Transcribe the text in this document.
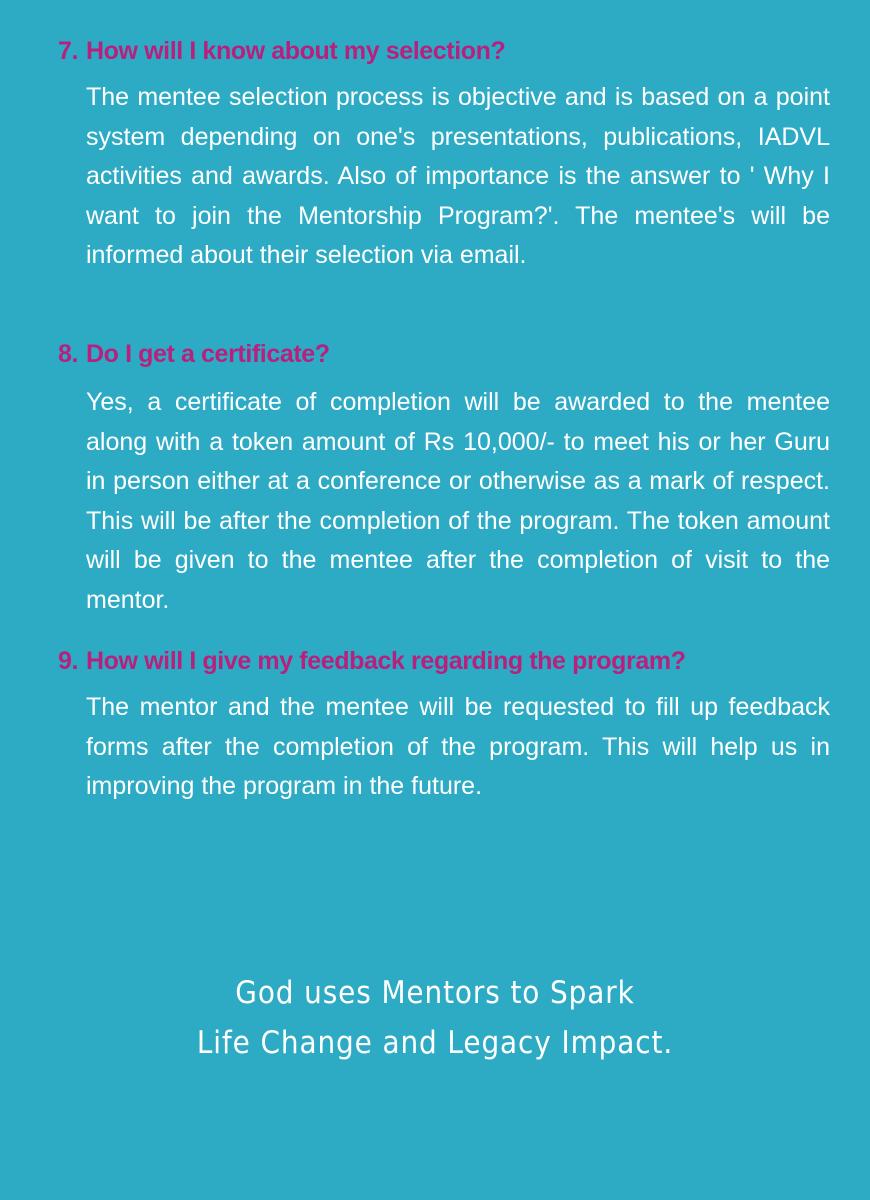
7. How will I know about my selection?

The mentee selection process is objective and is based on a point system depending on one's presentations, publications, IADVL activities and awards. Also of importance is the answer to ' Why I want to join the Mentorship Program?'. The mentee's will be informed about their selection via email.

8. Do I get a certificate?

Yes, a certificate of completion will be awarded to the mentee along with a token amount of Rs 10,000/- to meet his or her Guru in person either at a conference or otherwise as a mark of respect. This will be after the completion of the program. The token amount will be given to the mentee after the completion of visit to the mentor.

9. How will I give my feedback regarding the program?

The mentor and the mentee will be requested to fill up feedback forms after the completion of the program. This will help us in improving the program in the future.

God uses Mentors to Spark
Life Change and Legacy Impact.
